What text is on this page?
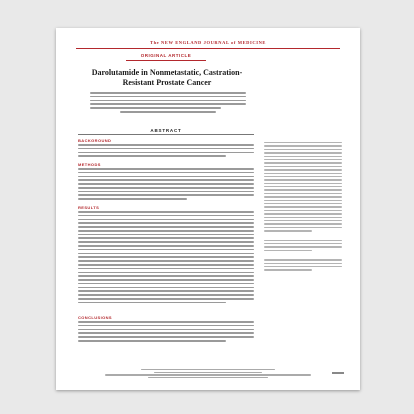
The NEW ENGLAND JOURNAL of MEDICINE
ORIGINAL ARTICLE
Darolutamide in Nonmetastatic, Castration-Resistant Prostate Cancer
ABSTRACT
BACKGROUND
METHODS
RESULTS
CONCLUSIONS
